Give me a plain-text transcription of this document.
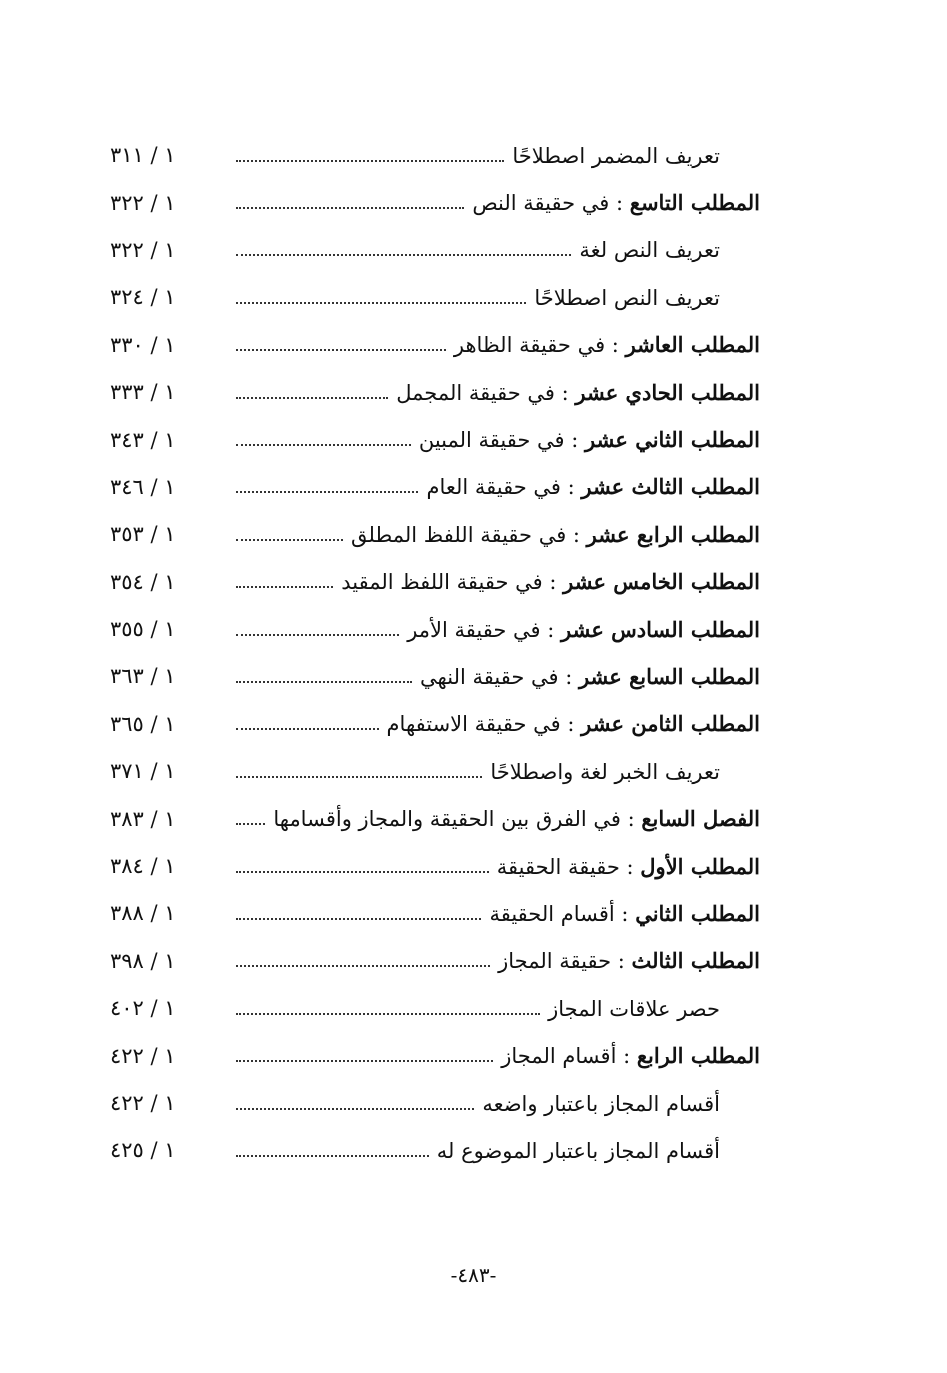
تعريف المضمر اصطلاحًا
١ / ٣١١
المطلب التاسع : في حقيقة النص
١ / ٣٢٢
تعريف النص لغة
١ / ٣٢٢
تعريف النص اصطلاحًا
١ / ٣٢٤
المطلب العاشر : في حقيقة الظاهر
١ / ٣٣٠
المطلب الحادي عشر : في حقيقة المجمل
١ / ٣٣٣
المطلب الثاني عشر : في حقيقة المبين
١ / ٣٤٣
المطلب الثالث عشر : في حقيقة العام
١ / ٣٤٦
المطلب الرابع عشر : في حقيقة اللفظ المطلق
١ / ٣٥٣
المطلب الخامس عشر : في حقيقة اللفظ المقيد
١ / ٣٥٤
المطلب السادس عشر : في حقيقة الأمر
١ / ٣٥٥
المطلب السابع عشر : في حقيقة النهي
١ / ٣٦٣
المطلب الثامن عشر : في حقيقة الاستفهام
١ / ٣٦٥
تعريف الخبر لغة واصطلاحًا
١ / ٣٧١
الفصل السابع : في الفرق بين الحقيقة والمجاز وأقسامها
١ / ٣٨٣
المطلب الأول : حقيقة الحقيقة
١ / ٣٨٤
المطلب الثاني : أقسام الحقيقة
١ / ٣٨٨
المطلب الثالث : حقيقة المجاز
١ / ٣٩٨
حصر علاقات المجاز
١ / ٤٠٢
المطلب الرابع : أقسام المجاز
١ / ٤٢٢
أقسام المجاز باعتبار واضعه
١ / ٤٢٢
أقسام المجاز باعتبار الموضوع له
١ / ٤٢٥
-٤٨٣-
